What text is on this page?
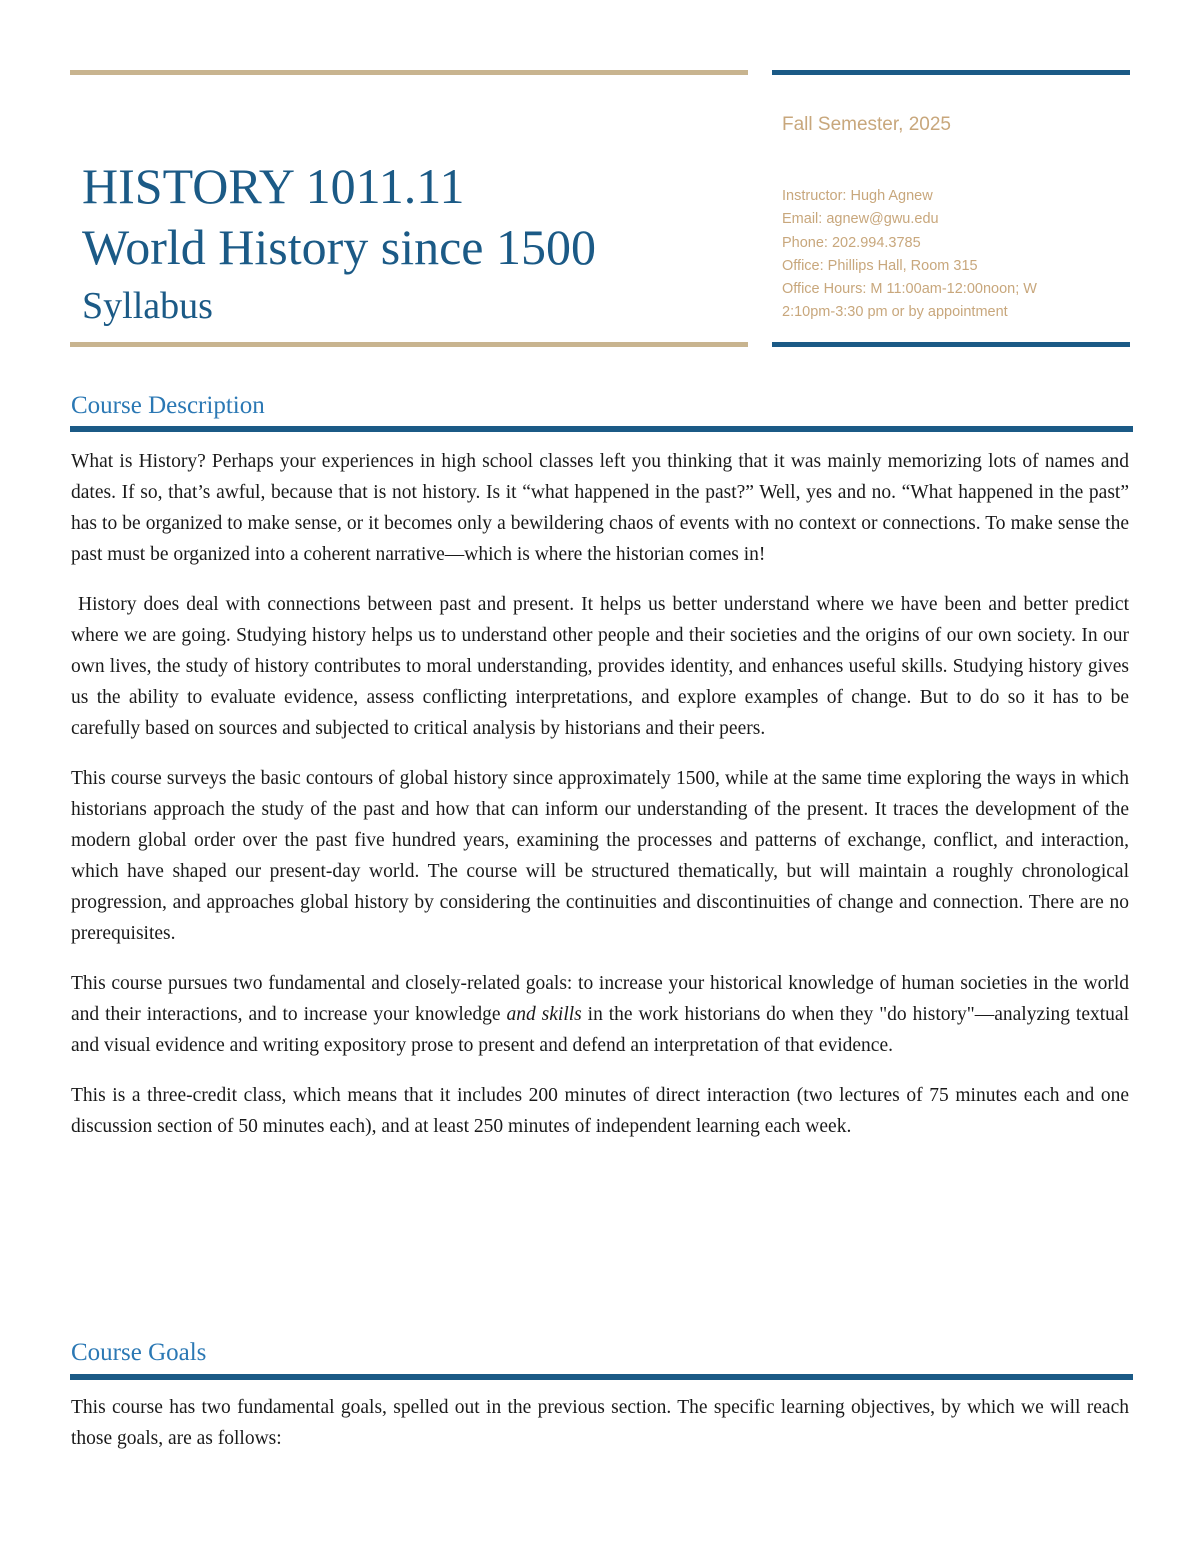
HISTORY 1011.11
World History since 1500
Syllabus

Fall Semester, 2025

Instructor: Hugh Agnew

Email: agnew@gwu.edu

Phone: 202.994.3785

Office: Phillips Hall, Room 315

Office Hours: M 11:00am-12:00noon; W

2:10pm-3:30 pm or by appointment

Course Description

What is History? Perhaps your experiences in high school classes left you thinking that it was mainly memorizing lots of names and dates. If so, that’s awful, because that is not history. Is it “what happened in the past?” Well, yes and no. “What happened in the past” has to be organized to make sense, or it becomes only a bewildering chaos of events with no context or connections. To make sense the past must be organized into a coherent narrative—which is where the historian comes in!

History does deal with connections between past and present. It helps us better understand where we have been and better predict where we are going. Studying history helps us to understand other people and their societies and the origins of our own society. In our own lives, the study of history contributes to moral understanding, provides identity, and enhances useful skills. Studying history gives us the ability to evaluate evidence, assess conflicting interpretations, and explore examples of change. But to do so it has to be carefully based on sources and subjected to critical analysis by historians and their peers.

This course surveys the basic contours of global history since approximately 1500, while at the same time exploring the ways in which historians approach the study of the past and how that can inform our understanding of the present. It traces the development of the modern global order over the past five hundred years, examining the processes and patterns of exchange, conflict, and interaction, which have shaped our present-day world. The course will be structured thematically, but will maintain a roughly chronological progression, and approaches global history by considering the continuities and discontinuities of change and connection. There are no prerequisites.

This course pursues two fundamental and closely-related goals: to increase your historical knowledge of human societies in the world and their interactions, and to increase your knowledge and skills in the work historians do when they "do history"—analyzing textual and visual evidence and writing expository prose to present and defend an interpretation of that evidence.

This is a three-credit class, which means that it includes 200 minutes of direct interaction (two lectures of 75 minutes each and one discussion section of 50 minutes each), and at least 250 minutes of independent learning each week.

Course Goals

This course has two fundamental goals, spelled out in the previous section. The specific learning objectives, by which we will reach those goals, are as follows:
